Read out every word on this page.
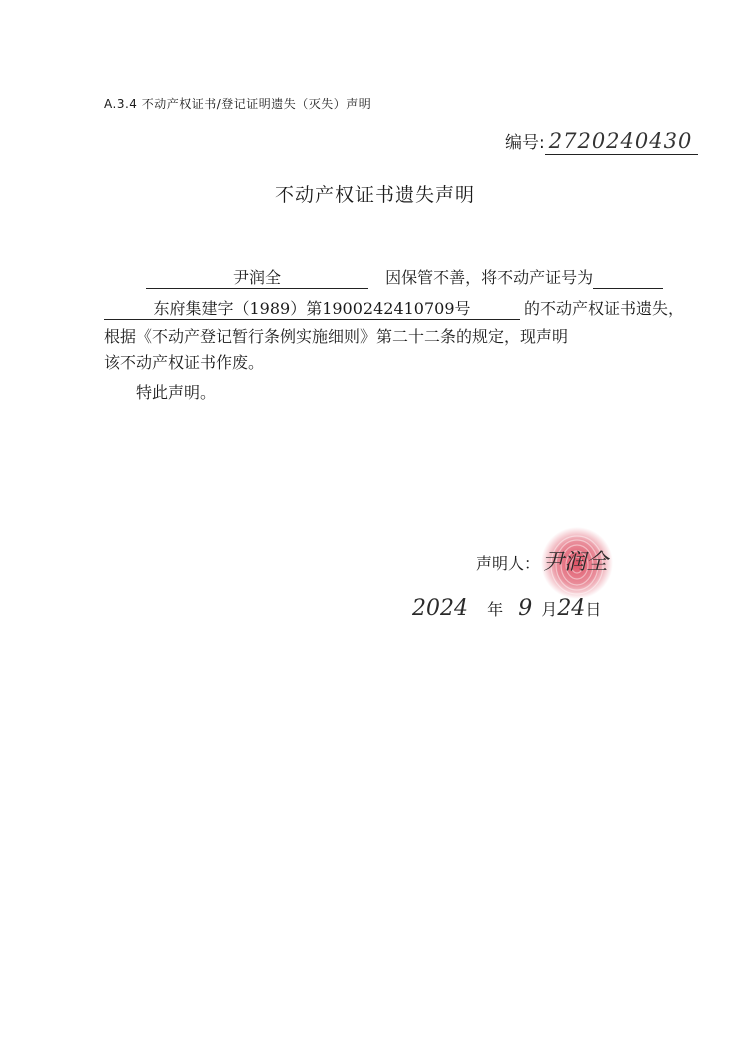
A.3.4 不动产权证书/登记证明遗失（灭失）声明
编号: 2720240430
不动产权证书遗失声明
尹润全	因保管不善，将不动产证号为
东府集建字（1989）第1900242410709号	的不动产权证书遗失，
根据《不动产登记暂行条例实施细则》第二十二条的规定，现声明
该不动产权证书作废。
特此声明。
声明人：尹润全
2024 年 9 月24日
